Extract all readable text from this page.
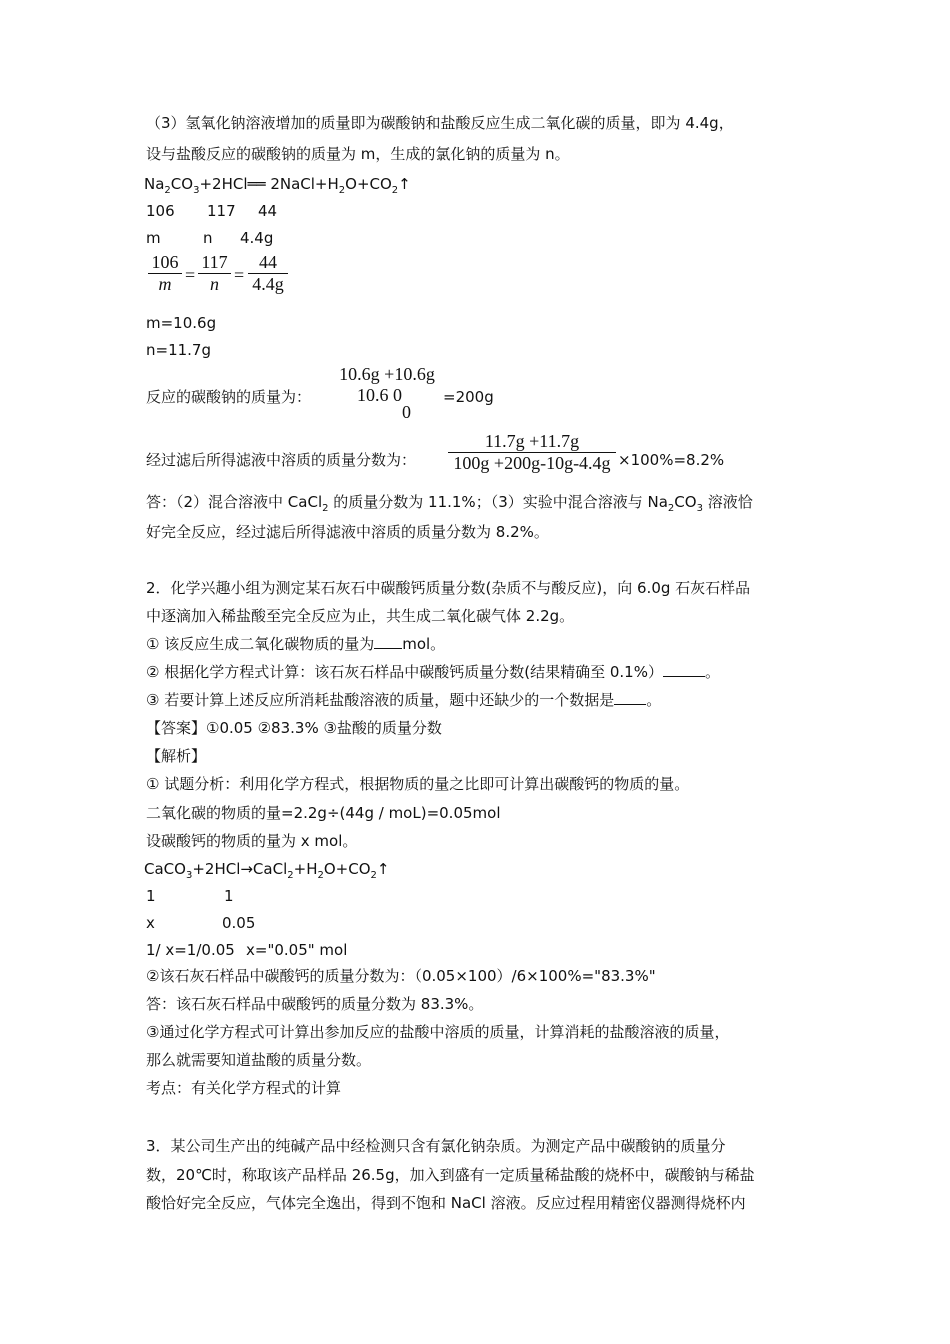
（3）氢氧化钠溶液增加的质量即为碳酸钠和盐酸反应生成二氧化碳的质量，即为 4.4g，
设与盐酸反应的碳酸钠的质量为 m，生成的氯化钠的质量为 n。
$Na_2CO_3+2HCl══$ $2NaCl+H_2O+CO_2↑$
106 117 44
m	n 4.4g
$\frac{106}{m} = \frac{117}{n} = \frac{44}{4.4g}$
m=10.6g
n=11.7g
反应的碳酸钠的质量为：
10.6g +10.6g
10.6 0
0
=200g
经过滤后所得滤液中溶质的质量分数为： $\frac{11.7g +11.7g}{100g +200g-10g-4.4g} \times 100\%=8.2\%$
答：（2）混合溶液中 CaCl$_2$ 的质量分数为 11.1%；（3）实验中混合溶液与 $Na_2CO_3$ 溶液恰
好完全反应，经过滤后所得滤液中溶质的质量分数为 8.2%。
2．化学兴趣小组为测定某石灰石中碳酸钙质量分数(杂质不与酸反应)，向 6.0g 石灰石样品
中逐滴加入稀盐酸至完全反应为止，共生成二氧化碳气体 2.2g。
① 该反应生成二氧化碳物质的量为 mol。
② 根据化学方程式计算：该石灰石样品中碳酸钙质量分数(结果精确至 0.1%）	。
③ 若要计算上述反应所消耗盐酸溶液的质量，题中还缺少的一个数据是 。
【答案】①0.05 ②83.3% ③盐酸的质量分数
【解析】
① 试题分析：利用化学方程式，根据物质的量之比即可计算出碳酸钙的物质的量。
二氧化碳的物质的量=2.2g÷(44g / moL)=0.05mol
设碳酸钙的物质的量为 x mol。
$CaCO_3+2HCl\to CaCl_2+H_2O+CO_2↑$
1	1
x	0.05
1/ x=1/0.05 x="0.05" mol
②该石灰石样品中碳酸钙的质量分数为：（0.05×100）/6×100%="83.3%"
答：该石灰石样品中碳酸钙的质量分数为 83.3%。
③通过化学方程式可计算出参加反应的盐酸中溶质的质量，计算消耗的盐酸溶液的质量，
那么就需要知道盐酸的质量分数。
考点：有关化学方程式的计算
3．某公司生产出的纯碱产品中经检测只含有氯化钠杂质。为测定产品中碳酸钠的质量分
数，20℃时，称取该产品样品 26.5g，加入到盛有一定质量稀盐酸的烧杯中，碳酸钠与稀盐
酸恰好完全反应，气体完全逸出，得到不饱和 NaCl 溶液。反应过程用精密仪器测得烧杯内
